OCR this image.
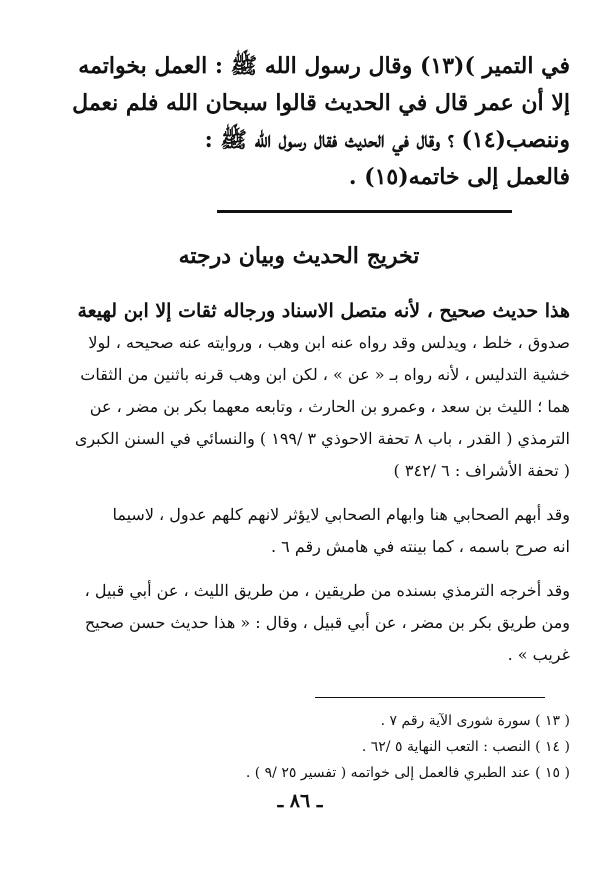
في التمير )(١٣) وقال رسول الله ﷺ : العمل بخواتمه

إلا أن عمر قال في الحديث قالوا سبحان الله فلم نعمل

وننصب(١٤) ؟ وقال في الحديث فقال رسول الله ﷺ :

فالعمل إلى خاتمه(١٥) .

تخريج الحديث وبيان درجته

هذا حديث صحيح ، لأنه متصل الاسناد ورجاله ثقات إلا ابن لهيعة

صدوق ، خلط ، ويدلس وقد رواه عنه ابن وهب ، وروايته عنه صحيحه ، لولا

خشية التدليس ، لأنه رواه بـ « عن » ، لكن ابن وهب قرنه باثنين من الثقات

هما ؛ الليث بن سعد ، وعمرو بن الحارث ، وتابعه معهما بكر بن مضر ، عن

الترمذي ( القدر ، باب ٨ تحفة الاحوذي ٣ /١٩٩ ) والنسائي في السنن الكبرى

( تحفة الأشراف : ٦ /٣٤٢ )

وقد أبهم الصحابي هنا وابهام الصحابي لايؤثر لانهم كلهم عدول ، لاسيما

انه صرح باسمه ، كما بينته في هامش رقم ٦ .

وقد أخرجه الترمذي بسنده من طريقين ، من طريق الليث ، عن أبي قبيل ،

ومن طريق بكر بن مضر ، عن أبي قبيل ، وقال : « هذا حديث حسن صحيح

غريب » .

( ١٣ ) سورة شورى الآية رقم ٧ .

( ١٤ ) النصب : التعب النهاية ٥ /٦٢ .

( ١٥ ) عند الطبري فالعمل إلى خواتمه ( تفسير ٢٥ /٩ ) .

ـ ٨٦ ـ
